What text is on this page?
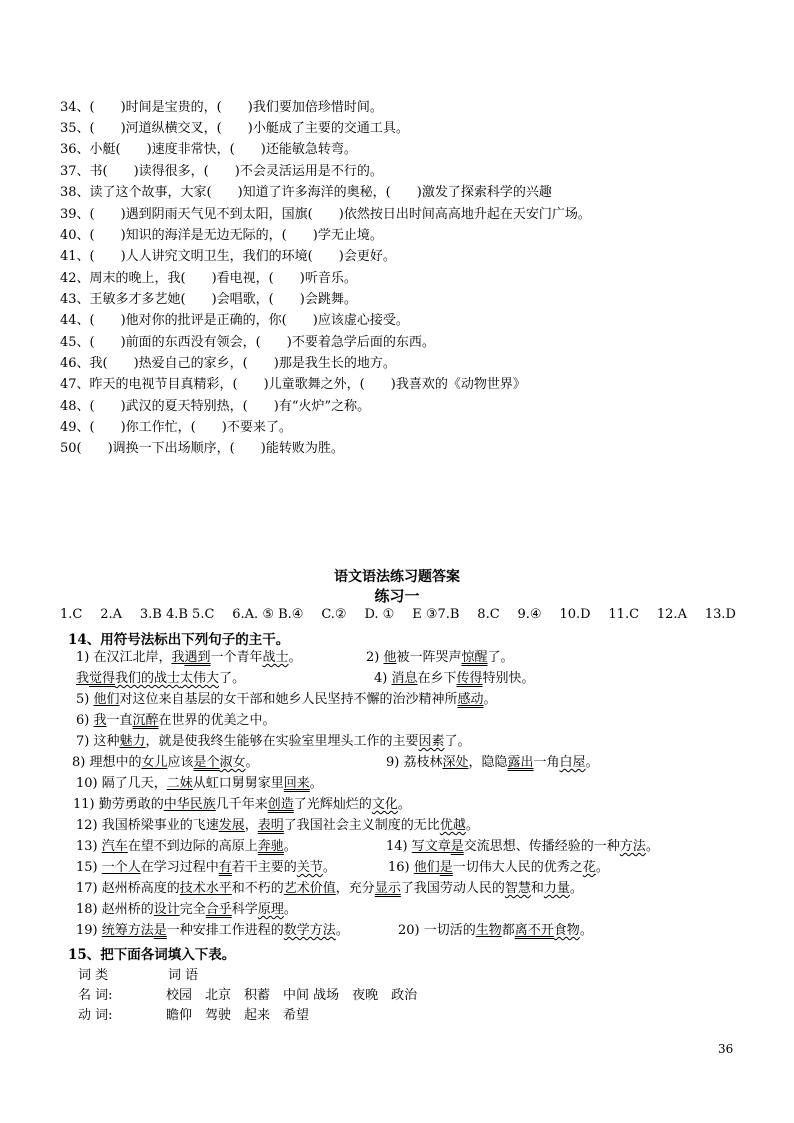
34、(　　)时间是宝贵的，(　　)我们要加倍珍惜时间。
35、(　　)河道纵横交叉，(　　)小艇成了主要的交通工具。
36、小艇(　　)速度非常快，(　　)还能敏急转弯。
37、书(　　)读得很多，(　　)不会灵活运用是不行的。
38、读了这个故事，大家(　　)知道了许多海洋的奥秘，(　　)激发了探索科学的兴趣
39、(　　)遇到阴雨天气见不到太阳，国旗(　　)依然按日出时间高高地升起在天安门广场。
40、(　　)知识的海洋是无边无际的，(　　)学无止境。
41、(　　)人人讲究文明卫生，我们的环境(　　)会更好。
42、周末的晚上，我(　　)看电视，(　　)听音乐。
43、王敏多才多艺她(　　)会唱歌，(　　)会跳舞。
44、(　　)他对你的批评是正确的，你(　　)应该虚心接受。
45、(　　)前面的东西没有领会，(　　)不要着急学后面的东西。
46、我(　　)热爱自己的家乡，(　　)那是我生长的地方。
47、昨天的电视节目真精彩，(　　)儿童歌舞之外，(　　)我喜欢的《动物世界》
48、(　　)武汉的夏天特别热，(　　)有“火炉”之称。
49、(　　)你工作忙，(　　)不要来了。
50(　　)调换一下出场顺序，(　　)能转败为胜。
语文语法练习题答案
练习一
1.C 2.A 3.B 4.B 5.C 6.A. ⑤ B.④ C.② D. ① E ③7.B 8.C 9.④ 10.D 11.C 12.A 13.D
14、用符号法标出下列句子的主干。
1) 在汉江北岸，我遇到一个青年战士。	2) 他被一阵哭声惊醒了。
我觉得我们的战士太伟大了。	4) 消息在乡下传得特别快。
5) 他们对这位来自基层的女干部和她乡人民坚持不懈的治沙精神所感动。
6) 我一直沉醉在世界的优美之中。
7) 这种魅力，就是使我终生能够在实验室里埋头工作的主要因素了。
8) 理想中的女儿应该是个淑女。	9) 荔枝林深处，隐隐露出一角白屋。
10) 隔了几天，二妹从虹口舅舅家里回来。
11) 勤劳勇敢的中华民族几千年来创造了光辉灿烂的文化。
12) 我国桥梁事业的飞速发展，表明了我国社会主义制度的无比优越。
13) 汽车在望不到边际的高原上奔驰。	14) 写文章是交流思想、传播经验的一种方法。
15) 一个人在学习过程中有若干主要的关节。	16) 他们是一切伟大人民的优秀之花。
17) 赵州桥高度的技术水平和不朽的艺术价值，充分显示了我国劳动人民的智慧和力量。
18) 赵州桥的设计完全合乎科学原理。
19) 统筹方法是一种安排工作进程的数学方法。	20) 一切活的生物都离不开食物。
15、把下面各词填入下表。
词 类	词 语
名 词:	校园　北京　积蓄　中间 战场　夜晚　政治
动 词:	瞻仰　驾驶　起来　希望
36
